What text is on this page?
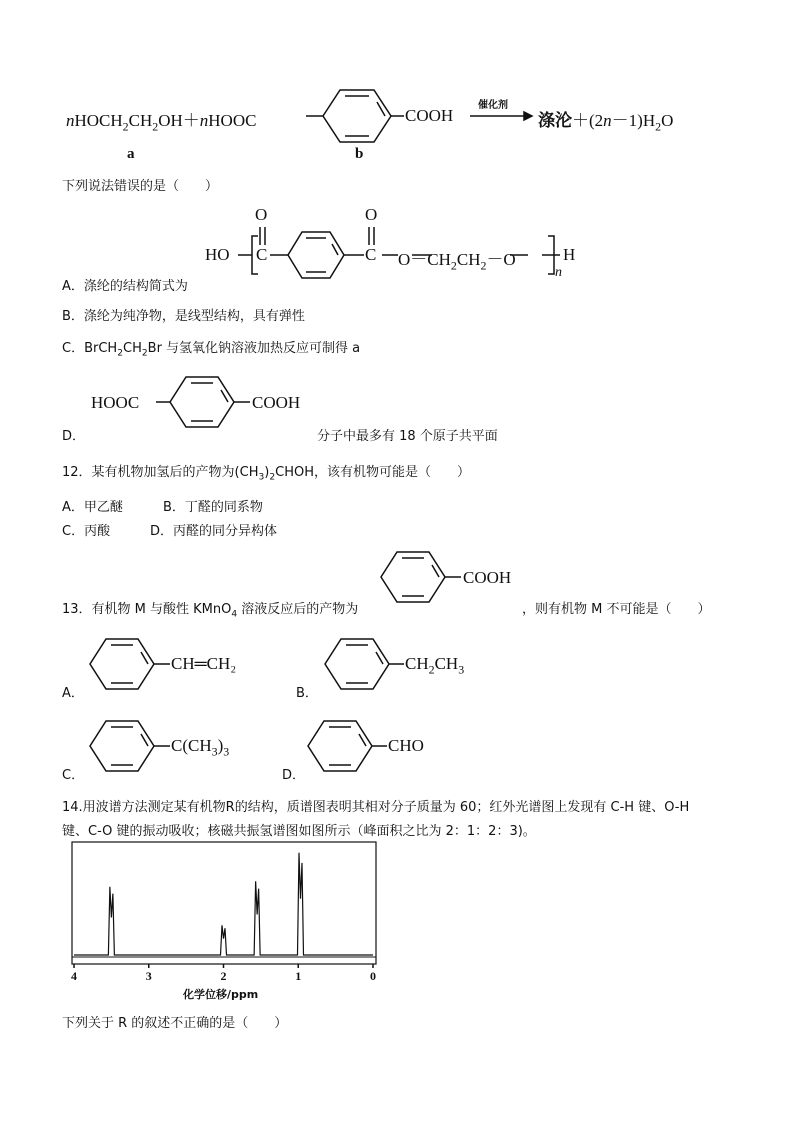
$nHOCH_2CH_2OH+nHOOC$	COOH
催化剂
涤沦$+(2n-1)H_2O$
a	b
下列说法错误的是（　　）
HO
O
C
O
C $O-CH_2CH_2-O$	H
n
A．涤纶的结构简式为
B．涤纶为纯净物，是线型结构，具有弹性
C．$BrCH_2CH_2Br$ 与氢氧化钠溶液加热反应可制得 a
HOOC	COOH
D．	分子中最多有 18 个原子共平面
12．某有机物加氢后的产物为$(CH_3)_2CHOH$，该有机物可能是（　　）
A．甲乙醚	B．丁醛的同系物
C．丙酸	D．丙醛的同分异构体
COOH
13．有机物 M 与酸性 KMnO$_4$ 溶液反应后的产物为	，则有机物 M 不可能是（　　）
CH═CH₂	$CH_2CH_3$
$C(CH_3)_3$	CHO
A．	B．
C．	D．
14.用波谱方法测定某有机物R的结构，质谱图表明其相对分子质量为 60；红外光谱图上发现有 C-H 键、O-H
键、C-O 键的振动吸收；核磁共振氢谱图如图所示（峰面积之比为 2：1：2：3)。
4	3	2	1	0
化学位移/ppm
下列关于 R 的叙述不正确的是（　　）
